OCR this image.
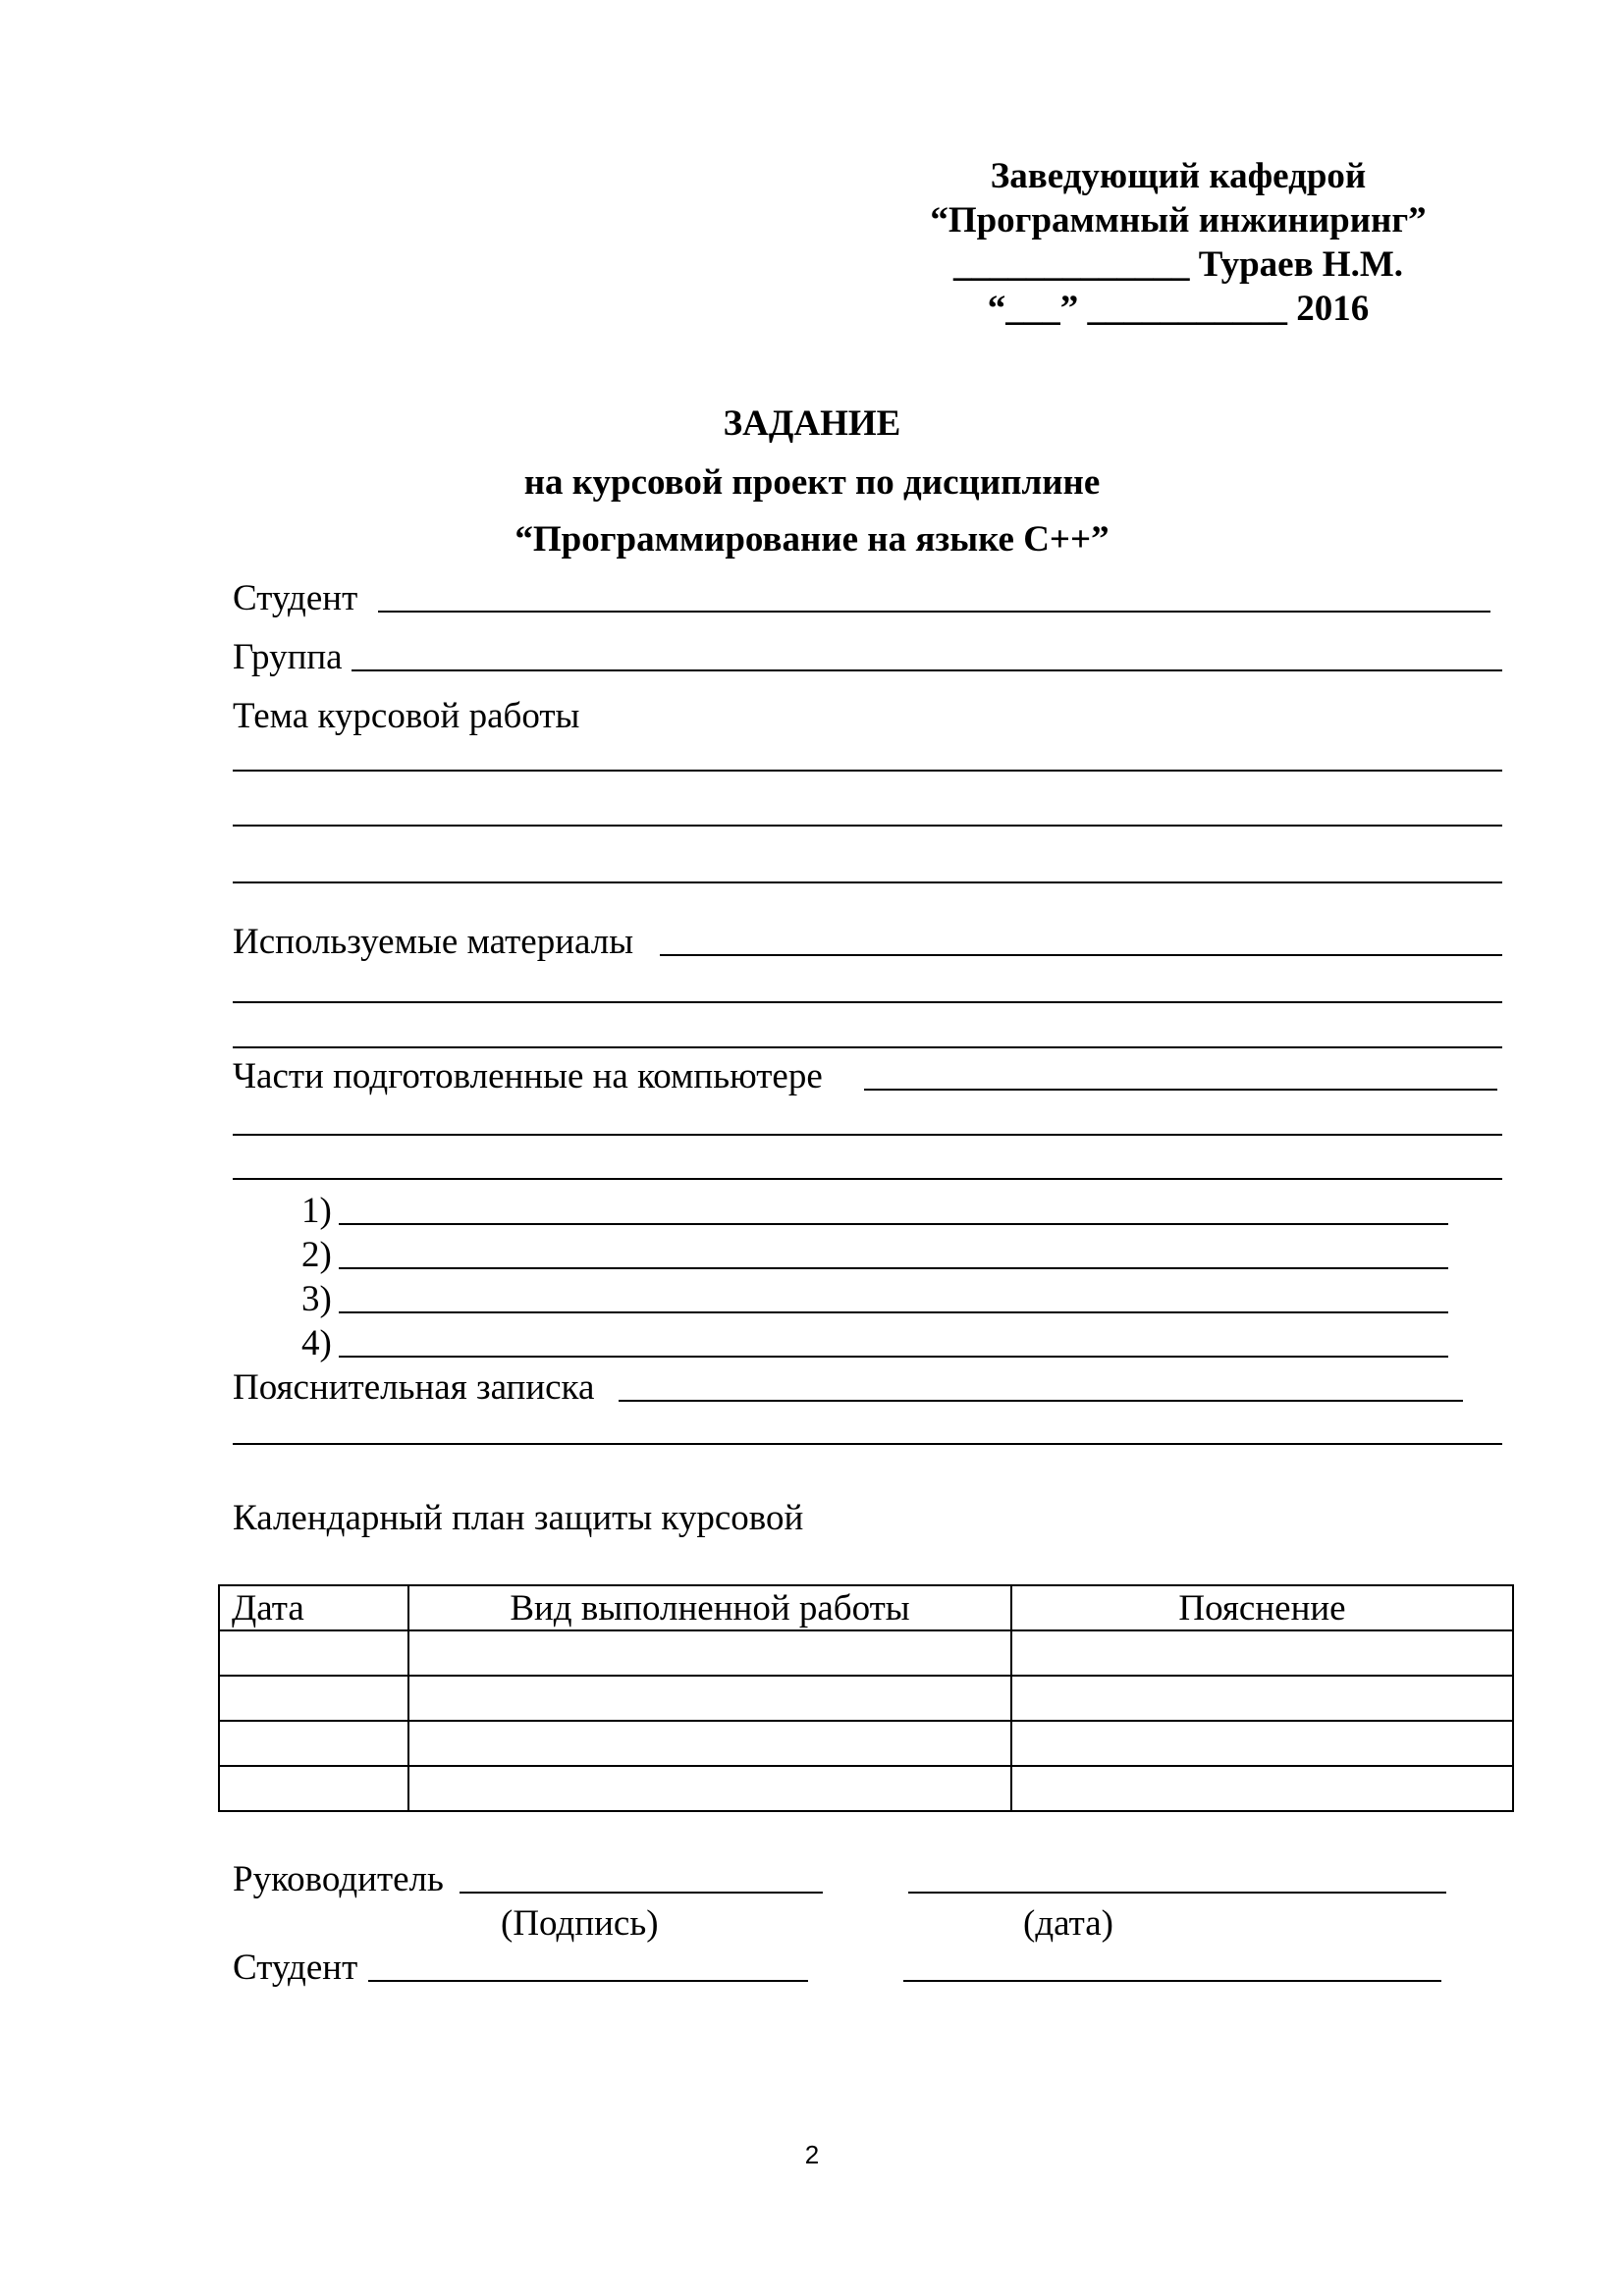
Заведующий кафедрой
“Программный инжиниринг”
_____________ Тураев Н.М.
“___” ___________ 2016
ЗАДАНИЕ
на курсовой проект по дисциплине
“Программирование на языке С++”
Студент
Группа
Тема курсовой работы
Используемые материалы
Части подготовленные на компьютере
1)
2)
3)
4)
Пояснительная записка
Календарный план защиты курсовой
Дата	Вид выполненной работы	Пояснение

Руководитель
(Подпись)	(дата)
Студент
2
